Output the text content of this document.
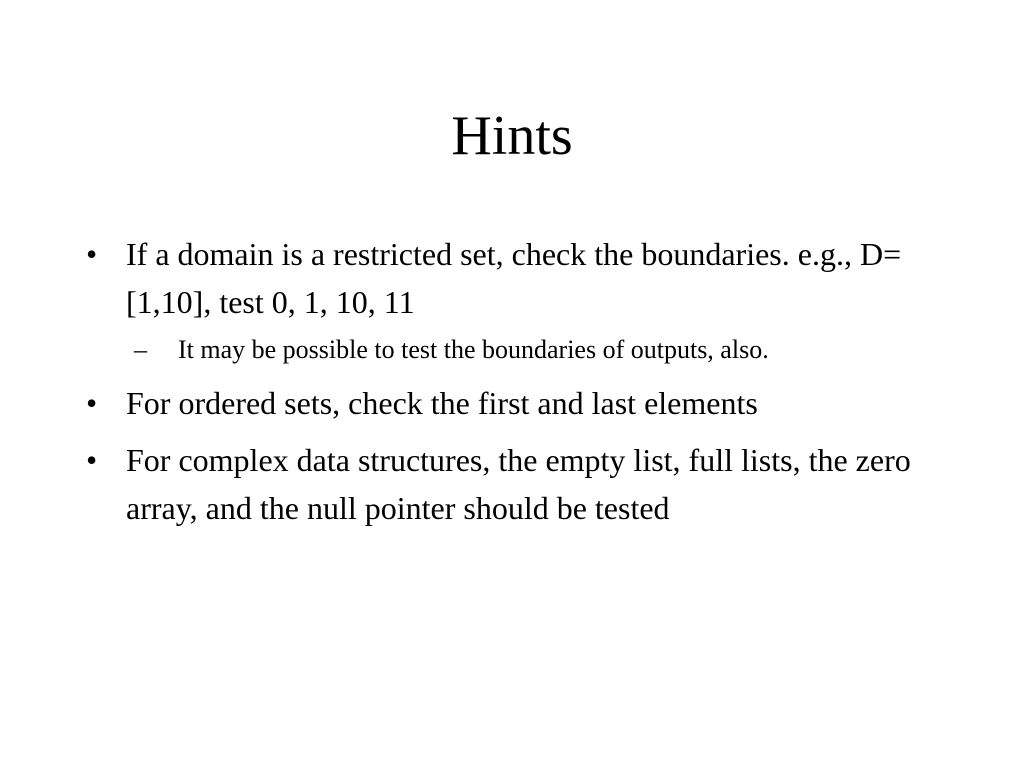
Hints
• If a domain is a restricted set, check the boundaries. e.g., D=[1,10], test 0, 1, 10, 11
–	It may be possible to test the boundaries of outputs, also.
• For ordered sets, check the first and last elements
• For complex data structures, the empty list, full lists, the zero array, and the null pointer should be tested
